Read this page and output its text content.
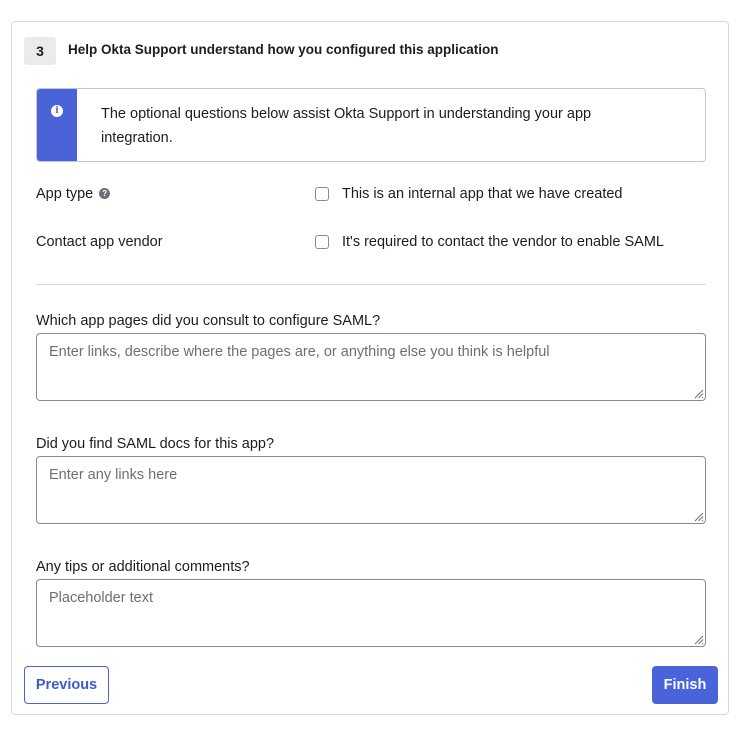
3 Help Okta Support understand how you configured this application
i	The optional questions below assist Okta Support in understanding your app integration.
App type ?	This is an internal app that we have created
Contact app vendor	It's required to contact the vendor to enable SAML
Which app pages did you consult to configure SAML?
Enter links, describe where the pages are, or anything else you think is helpful
Did you find SAML docs for this app?
Enter any links here
Any tips or additional comments?
Placeholder text
Previous	Finish
